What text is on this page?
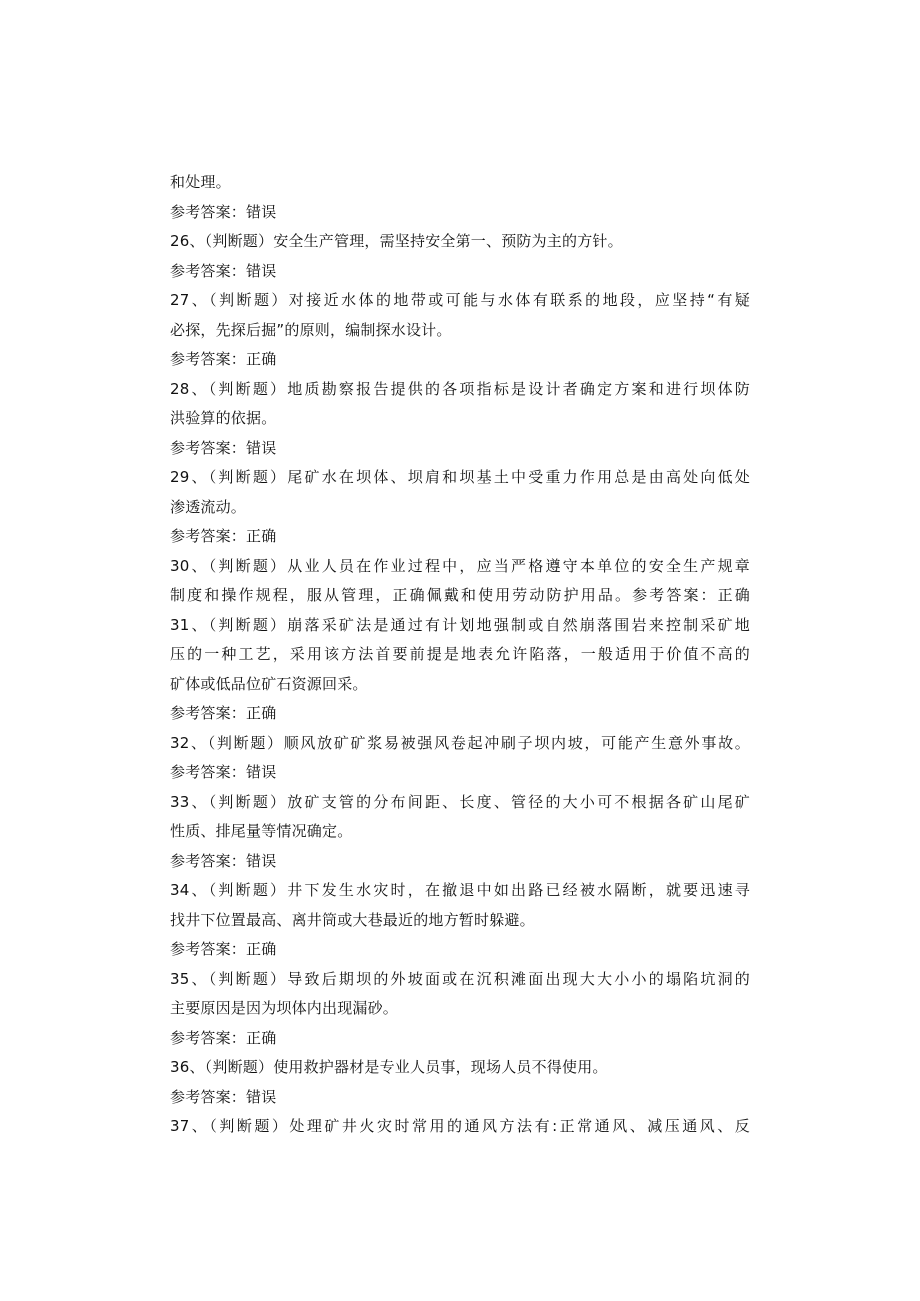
和处理。
参考答案：错误
26、（判断题）安全生产管理，需坚持安全第一、预防为主的方针。
参考答案：错误
27、（判断题）对接近水体的地带或可能与水体有联系的地段，应坚持“有疑
必探，先探后掘”的原则，编制探水设计。
参考答案：正确
28、（判断题）地质勘察报告提供的各项指标是设计者确定方案和进行坝体防
洪验算的依据。
参考答案：错误
29、（判断题）尾矿水在坝体、坝肩和坝基土中受重力作用总是由高处向低处
渗透流动。
参考答案：正确
30、（判断题）从业人员在作业过程中，应当严格遵守本单位的安全生产规章
制度和操作规程，服从管理，正确佩戴和使用劳动防护用品。参考答案：正确
31、（判断题）崩落采矿法是通过有计划地强制或自然崩落围岩来控制采矿地
压的一种工艺，采用该方法首要前提是地表允许陷落，一般适用于价值不高的
矿体或低品位矿石资源回采。
参考答案：正确
32、（判断题）顺风放矿矿浆易被强风卷起冲刷子坝内坡，可能产生意外事故。
参考答案：错误
33、（判断题）放矿支管的分布间距、长度、管径的大小可不根据各矿山尾矿
性质、排尾量等情况确定。
参考答案：错误
34、（判断题）井下发生水灾时，在撤退中如出路已经被水隔断，就要迅速寻
找井下位置最高、离井筒或大巷最近的地方暂时躲避。
参考答案：正确
35、（判断题）导致后期坝的外坡面或在沉积滩面出现大大小小的塌陷坑洞的
主要原因是因为坝体内出现漏砂。
参考答案：正确
36、（判断题）使用救护器材是专业人员事，现场人员不得使用。
参考答案：错误
37、（判断题）处理矿井火灾时常用的通风方法有:正常通风、减压通风、反
